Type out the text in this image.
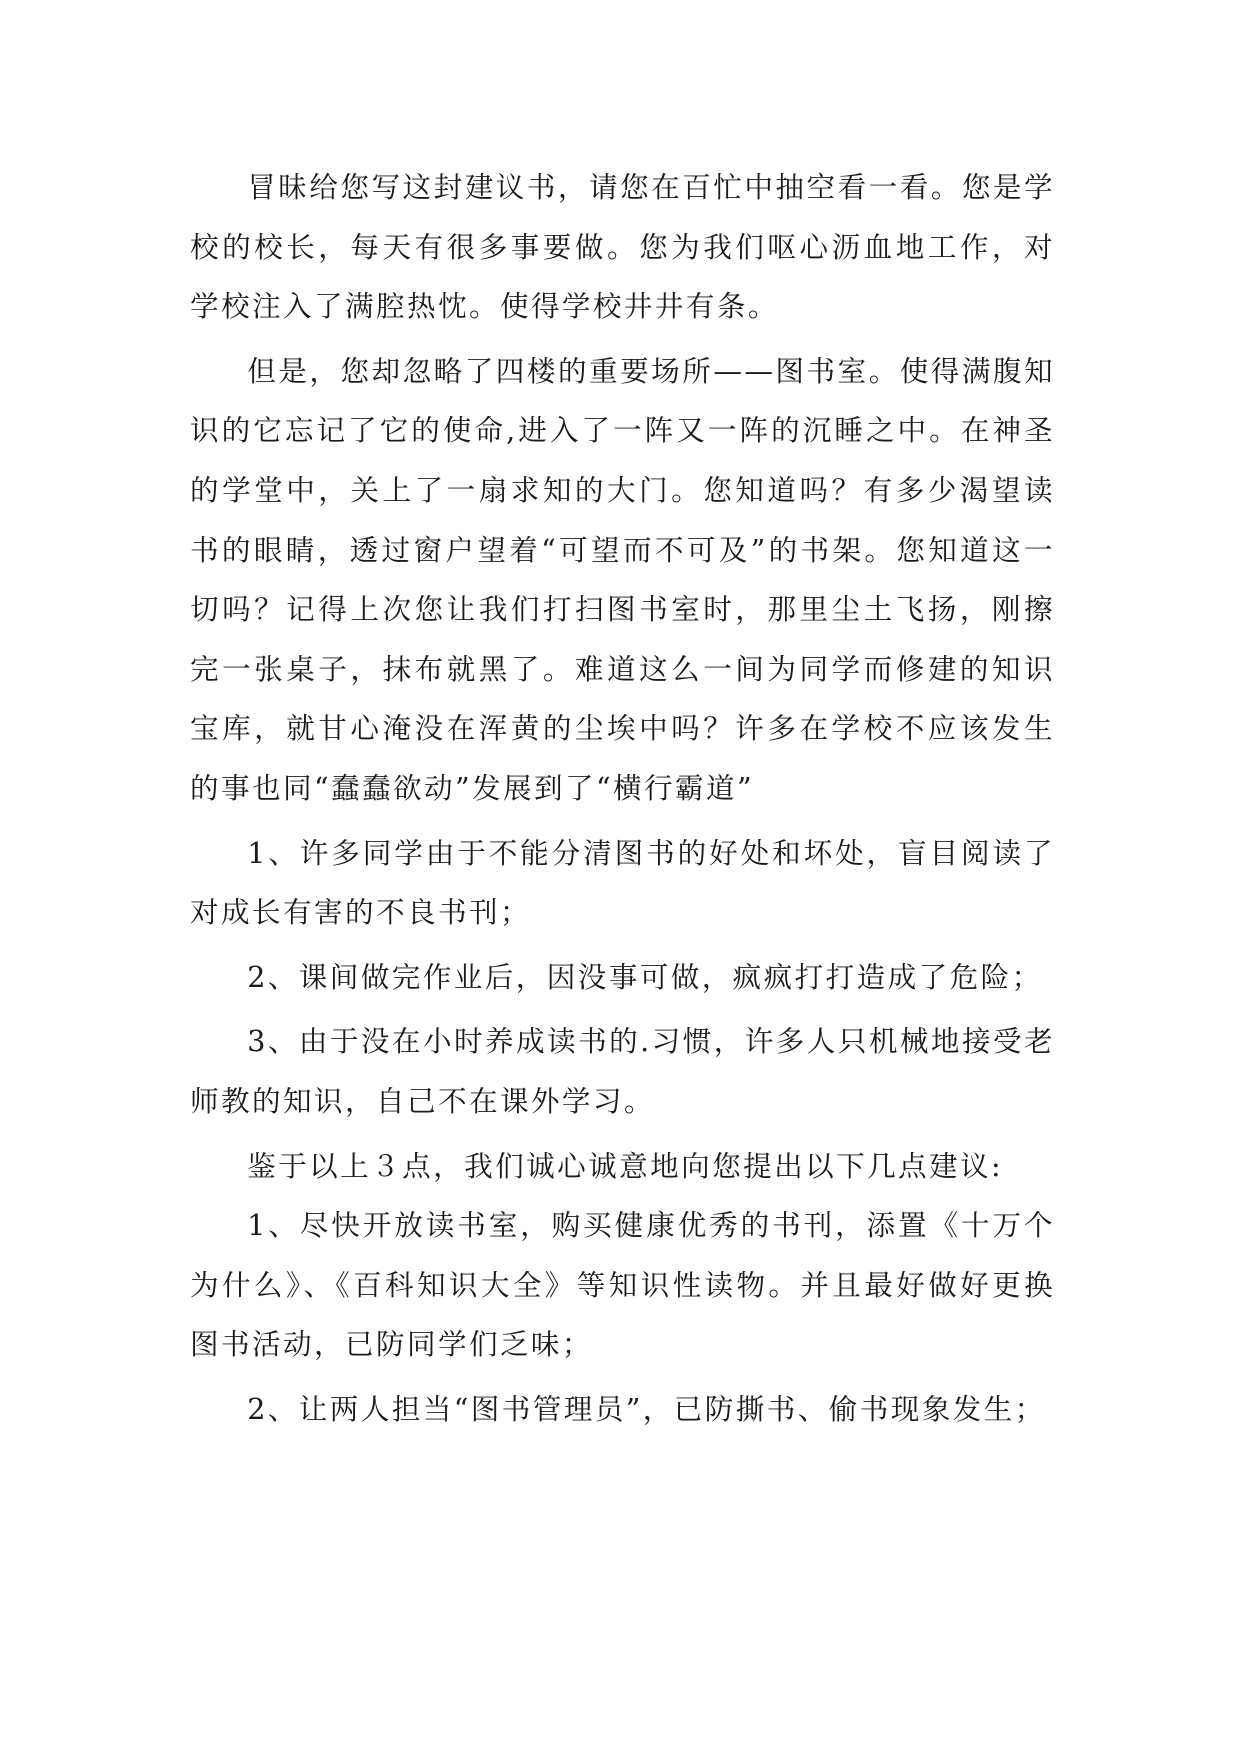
冒昧给您写这封建议书，请您在百忙中抽空看一看。您是学校的校长，每天有很多事要做。您为我们呕心沥血地工作，对学校注入了满腔热忱。使得学校井井有条。

但是，您却忽略了四楼的重要场所——图书室。使得满腹知识的它忘记了它的使命,进入了一阵又一阵的沉睡之中。在神圣的学堂中，关上了一扇求知的大门。您知道吗？有多少渴望读书的眼睛，透过窗户望着“可望而不可及”的书架。您知道这一切吗？记得上次您让我们打扫图书室时，那里尘土飞扬，刚擦完一张桌子，抹布就黑了。难道这么一间为同学而修建的知识宝库，就甘心淹没在浑黄的尘埃中吗？许多在学校不应该发生的事也同“蠢蠢欲动”发展到了“横行霸道”

1、许多同学由于不能分清图书的好处和坏处，盲目阅读了对成长有害的不良书刊；

2、课间做完作业后，因没事可做，疯疯打打造成了危险；

3、由于没在小时养成读书的.习惯，许多人只机械地接受老师教的知识，自己不在课外学习。

鉴于以上３点，我们诚心诚意地向您提出以下几点建议:

1、尽快开放读书室，购买健康优秀的书刊，添置《十万个为什么》、《百科知识大全》等知识性读物。并且最好做好更换图书活动，已防同学们乏味；

2、让两人担当“图书管理员”，已防撕书、偷书现象发生；
